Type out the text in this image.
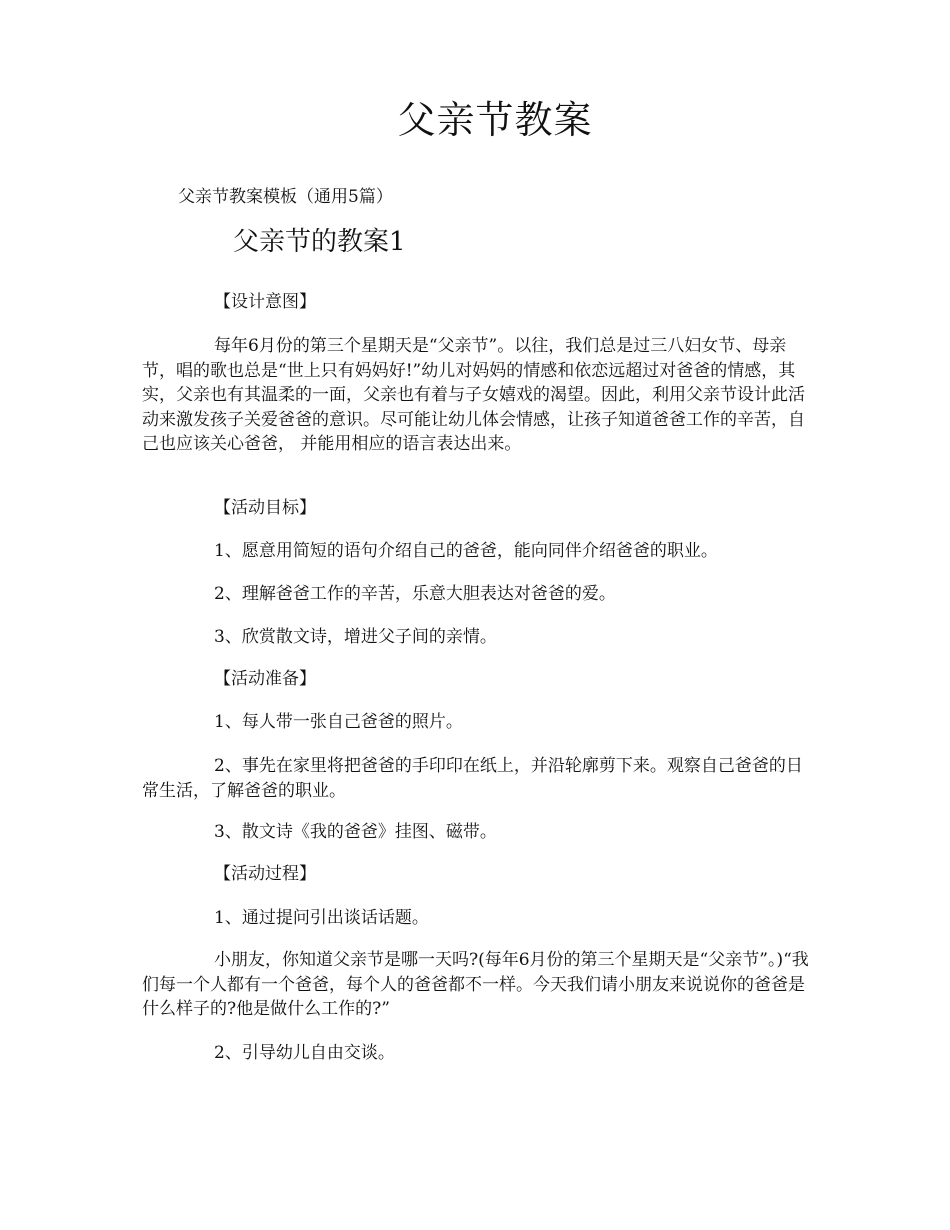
父亲节教案

父亲节教案模板（通用5篇）

父亲节的教案1

【设计意图】

每年6月份的第三个星期天是“父亲节”。以往，我们总是过三八妇女节、母亲节，唱的歌也总是“世上只有妈妈好!”幼儿对妈妈的情感和依恋远超过对爸爸的情感，其实，父亲也有其温柔的一面，父亲也有着与子女嬉戏的渴望。因此，利用父亲节设计此活动来激发孩子关爱爸爸的意识。尽可能让幼儿体会情感，让孩子知道爸爸工作的辛苦，自己也应该关心爸爸， 并能用相应的语言表达出来。

【活动目标】

1、愿意用简短的语句介绍自己的爸爸，能向同伴介绍爸爸的职业。

2、理解爸爸工作的辛苦，乐意大胆表达对爸爸的爱。

3、欣赏散文诗，增进父子间的亲情。

【活动准备】

1、每人带一张自己爸爸的照片。

2、事先在家里将把爸爸的手印印在纸上，并沿轮廓剪下来。观察自己爸爸的日常生活，了解爸爸的职业。

3、散文诗《我的爸爸》挂图、磁带。

【活动过程】

1、通过提问引出谈话话题。

小朋友，你知道父亲节是哪一天吗?(每年6月份的第三个星期天是“父亲节”。)“我们每一个人都有一个爸爸，每个人的爸爸都不一样。今天我们请小朋友来说说你的爸爸是什么样子的?他是做什么工作的?”

2、引导幼儿自由交谈。
